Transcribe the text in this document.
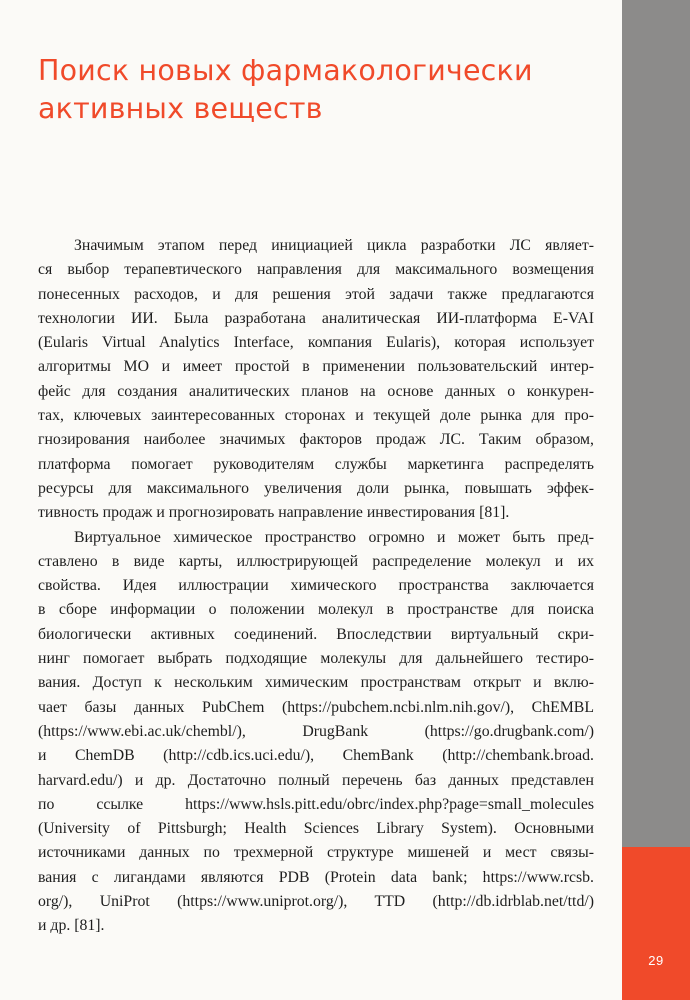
29
Поиск новых фармакологически
активных веществ

Значимым этапом перед инициацией цикла разработки ЛС являет-
ся выбор терапевтического направления для максимального возмещения
понесенных расходов, и для решения этой задачи также предлагаются
технологии ИИ. Была разработана аналитическая ИИ-платформа E-VAI
(Eularis Virtual Analytics Interface, компания Eularis), которая использует
алгоритмы МО и имеет простой в применении пользовательский интер-
фейс для создания аналитических планов на основе данных о конкурен-
тах, ключевых заинтересованных сторонах и текущей доле рынка для про-
гнозирования наиболее значимых факторов продаж ЛС. Таким образом,
платформа помогает руководителям службы маркетинга распределять
ресурсы для максимального увеличения доли рынка, повышать эффек-
тивность продаж и прогнозировать направление инвестирования [81].

Виртуальное химическое пространство огромно и может быть пред-
ставлено в виде карты, иллюстрирующей распределение молекул и их
свойства. Идея иллюстрации химического пространства заключается
в сборе информации о положении молекул в пространстве для поиска
биологически активных соединений. Впоследствии виртуальный скри-
нинг помогает выбрать подходящие молекулы для дальнейшего тестиро-
вания. Доступ к нескольким химическим пространствам открыт и вклю-
чает базы данных PubChem (https://pubchem.ncbi.nlm.nih.gov/), ChEMBL
(https://www.ebi.ac.uk/chembl/), DrugBank (https://go.drugbank.com/)
и ChemDB (http://cdb.ics.uci.edu/), ChemBank (http://chembank.broad.
harvard.edu/) и др. Достаточно полный перечень баз данных представлен
по ссылке https://www.hsls.pitt.edu/obrc/index.php?page=small_molecules
(University of Pittsburgh; Health Sciences Library System). Основными
источниками данных по трехмерной структуре мишеней и мест связы-
вания с лигандами являются PDB (Protein data bank; https://www.rcsb.
org/), UniProt (https://www.uniprot.org/), TTD (http://db.idrblab.net/ttd/)
и др. [81].
